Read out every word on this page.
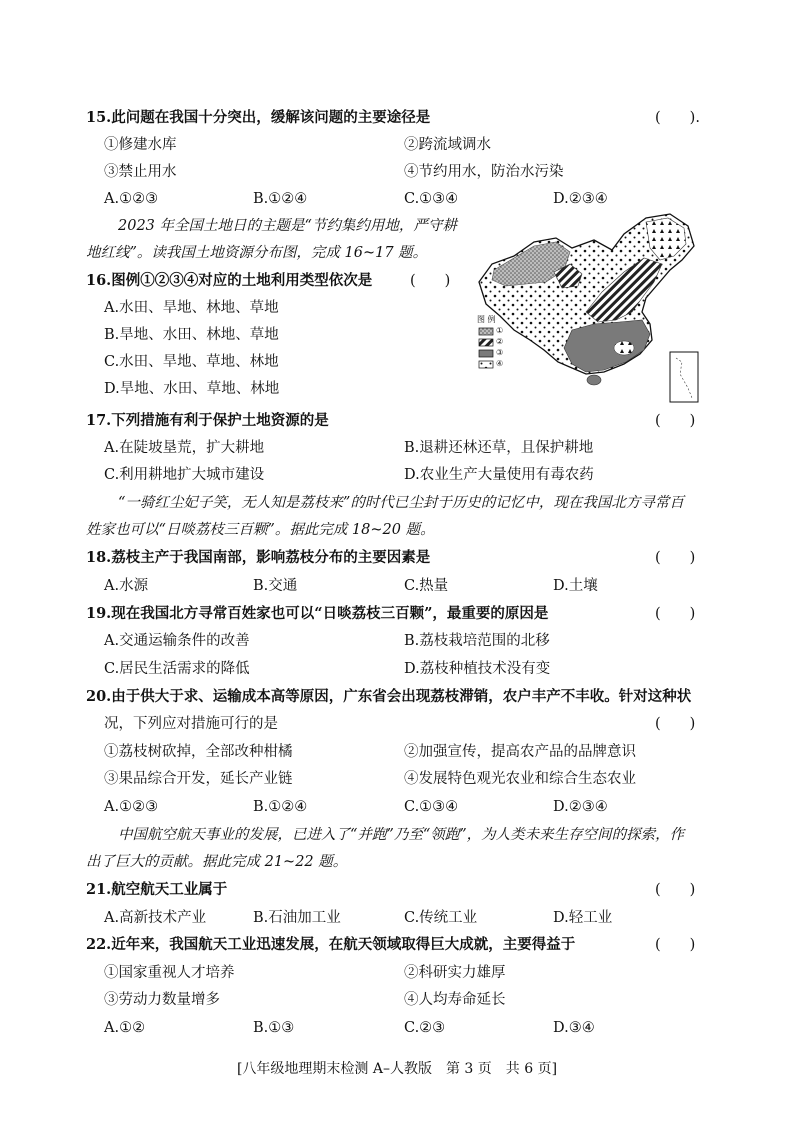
15.此问题在我国十分突出，缓解该问题的主要途径是	(　　).
①修建水库	②跨流域调水
③禁止用水	④节约用水，防治水污染
A.①②③	B.①②④	C.①③④	D.②③④
2023 年全国土地日的主题是“节约集约用地，严守耕
地红线”。读我国土地资源分布图，完成 16~17 题。
16.图例①②③④对应的土地利用类型依次是	(　　)
A.水田、旱地、林地、草地
B.旱地、水田、林地、草地
C.水田、旱地、草地、林地
D.旱地、水田、草地、林地
图 例
①
②
③
④
17.下列措施有利于保护土地资源的是	(　　)
A.在陡坡垦荒，扩大耕地	B.退耕还林还草，且保护耕地
C.利用耕地扩大城市建设	D.农业生产大量使用有毒农药
“一骑红尘妃子笑，无人知是荔枝来”的时代已尘封于历史的记忆中，现在我国北方寻常百
姓家也可以“日啖荔枝三百颗”。据此完成 18~20 题。
18.荔枝主产于我国南部，影响荔枝分布的主要因素是	(　　)
A.水源	B.交通	C.热量	D.土壤
19.现在我国北方寻常百姓家也可以“日啖荔枝三百颗”，最重要的原因是	(　　)
A.交通运输条件的改善	B.荔枝栽培范围的北移
C.居民生活需求的降低	D.荔枝种植技术没有变
20.由于供大于求、运输成本高等原因，广东省会出现荔枝滞销，农户丰产不丰收。针对这种状
况，下列应对措施可行的是	(　　)
①荔枝树砍掉，全部改种柑橘	②加强宣传，提高农产品的品牌意识
③果品综合开发，延长产业链	④发展特色观光农业和综合生态农业
A.①②③	B.①②④	C.①③④	D.②③④
中国航空航天事业的发展，已进入了“并跑”乃至“领跑”，为人类未来生存空间的探索，作
出了巨大的贡献。据此完成 21~22 题。
21.航空航天工业属于	(　　)
A.高新技术产业	B.石油加工业	C.传统工业	D.轻工业
22.近年来，我国航天工业迅速发展，在航天领域取得巨大成就，主要得益于	(　　)
①国家重视人才培养	②科研实力雄厚
③劳动力数量增多	④人均寿命延长
A.①②	B.①③	C.②③	D.③④
[八年级地理期末检测 A–人教版　第 3 页　共 6 页]
